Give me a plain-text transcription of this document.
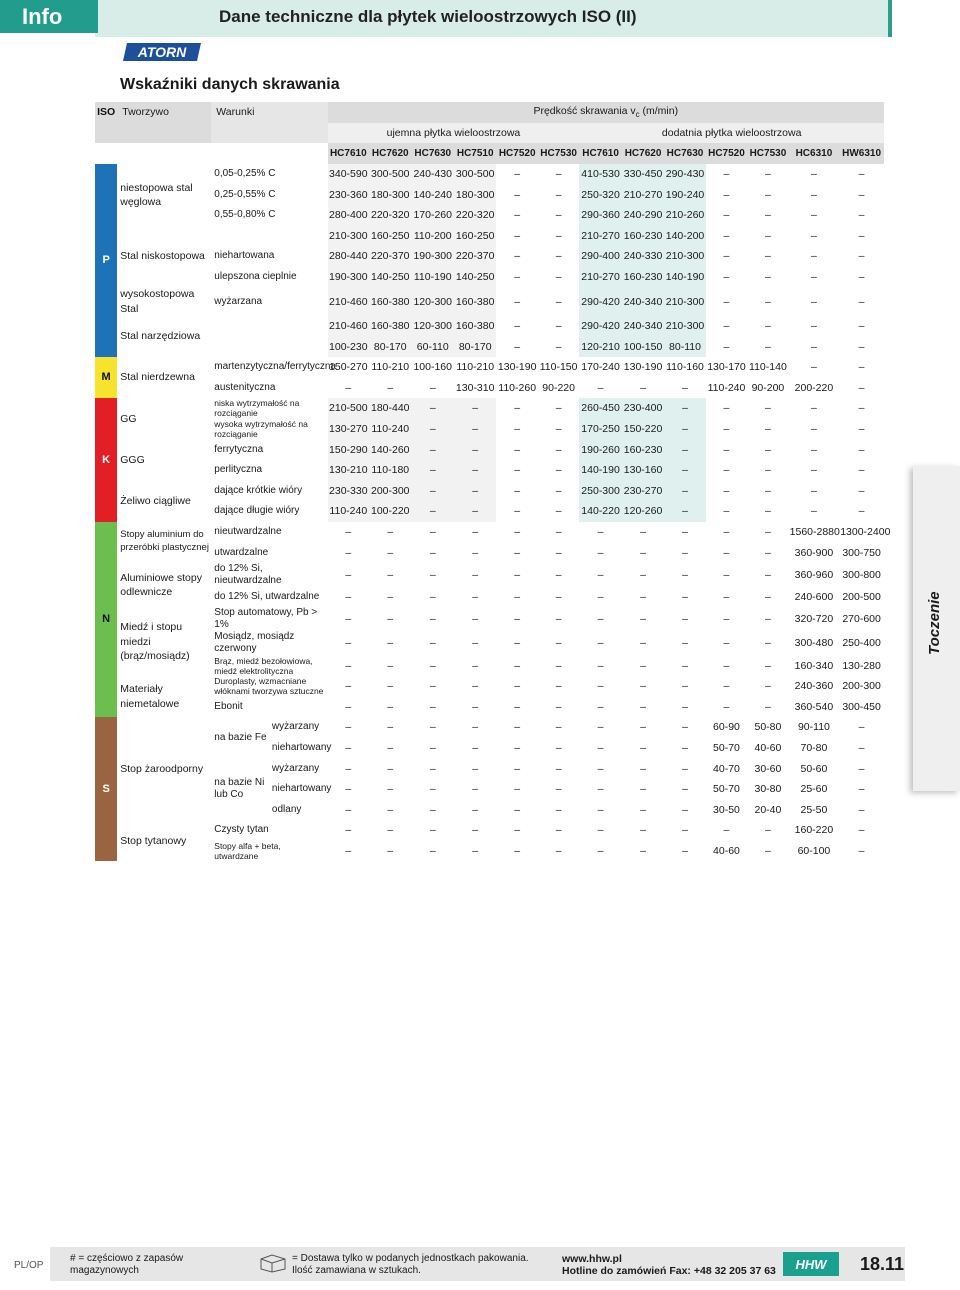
Dane techniczne dla płytek wieloostrzowych ISO (II)
Info
ATORN
Wskaźniki danych skrawania
Toczenie
ISO	Tworzywo	Warunki		Prędkość skrawania $v_c$ (m/min)												
				ujemna płytka wieloostrzowa						dodatnia płytka wieloostrzowa						
				HC7610	HC7620	HC7630	HC7510	HC7520	HC7530	HC7610	HC7620	HC7630	HC7520	HC7530	HC6310	HW6310
P	niestopowa stal węglowa	0,05-0,25% C		340-590	300-500	240-430	300-500	–	–	410-530	330-450	290-430	–	–	–	–
		0,25-0,55% C		230-360	180-300	140-240	180-300	–	–	250-320	210-270	190-240	–	–	–	–
		0,55-0,80% C		280-400	220-320	170-260	220-320	–	–	290-360	240-290	210-260	–	–	–	–
	Stal niskostopowa			210-300	160-250	110-200	160-250	–	–	210-270	160-230	140-200	–	–	–	–
		niehartowana		280-440	220-370	190-300	220-370	–	–	290-400	240-330	210-300	–	–	–	–
		ulepszona cieplnie		190-300	140-250	110-190	140-250	–	–	210-270	160-230	140-190	–	–	–	–
	wysokostopowa Stal	wyżarzana		210-460	160-380	120-300	160-380	–	–	290-420	240-340	210-300	–	–	–	–
	Stal narzędziowa			210-460	160-380	120-300	160-380	–	–	290-420	240-340	210-300	–	–	–	–
				100-230	80-170	60-110	80-170	–	–	120-210	100-150	80-110	–	–	–	–
M	Stal nierdzewna	martenzytyczna/ferrytyczna		150-270	110-210	100-160	110-210	130-190	110-150	170-240	130-190	110-160	130-170	110-140	–	–
		austenityczna		–	–	–	130-310	110-260	90-220	–	–	–	110-240	90-200	200-220	–
K	GG	niska wytrzymałość na rozciąganie		210-500	180-440	–	–	–	–	260-450	230-400	–	–	–	–	–
		wysoka wytrzymałość na rozciąganie		130-270	110-240	–	–	–	–	170-250	150-220	–	–	–	–	–
	GGG	ferrytyczna		150-290	140-260	–	–	–	–	190-260	160-230	–	–	–	–	–
		perlityczna		130-210	110-180	–	–	–	–	140-190	130-160	–	–	–	–	–
	Żeliwo ciągliwe	dające krótkie wióry		230-330	200-300	–	–	–	–	250-300	230-270	–	–	–	–	–
		dające długie wióry		110-240	100-220	–	–	–	–	140-220	120-260	–	–	–	–	–
N	Stopy aluminium do przeróbki plastycznej	nieutwardzalne		–	–	–	–	–	–	–	–	–	–	–	1560-2880	1300-2400
		utwardzalne		–	–	–	–	–	–	–	–	–	–	–	360-900	300-750
	Aluminiowe stopy odlewnicze	do 12% Si, nieutwardzalne		–	–	–	–	–	–	–	–	–	–	–	360-960	300-800
		do 12% Si, utwardzalne		–	–	–	–	–	–	–	–	–	–	–	240-600	200-500
	Miedź i stopu miedzi (brąz/mosiądz)	Stop automatowy, Pb > 1%		–	–	–	–	–	–	–	–	–	–	–	320-720	270-600
		Mosiądz, mosiądz czerwony		–	–	–	–	–	–	–	–	–	–	–	300-480	250-400
		Brąz, miedź bezołowiowa, miedź elektrolityczna		–	–	–	–	–	–	–	–	–	–	–	160-340	130-280
	Materiały niemetalowe	Duroplasty, wzmacniane włóknami tworzywa sztuczne		–	–	–	–	–	–	–	–	–	–	–	240-360	200-300
		Ebonit		–	–	–	–	–	–	–	–	–	–	–	360-540	300-450
S	Stop żaroodporny	na bazie Fe	wyżarzany	–	–	–	–	–	–	–	–	–	60-90	50-80	90-110	–
			niehartowany	–	–	–	–	–	–	–	–	–	50-70	40-60	70-80	–
		na bazie Ni lub Co	wyżarzany	–	–	–	–	–	–	–	–	–	40-70	30-60	50-60	–
			niehartowany	–	–	–	–	–	–	–	–	–	50-70	30-80	25-60	–
			odlany	–	–	–	–	–	–	–	–	–	30-50	20-40	25-50	–
	Stop tytanowy	Czysty tytan		–	–	–	–	–	–	–	–	–	–	–	160-220	–
		Stopy alfa + beta, utwardzane		–	–	–	–	–	–	–	–	–	40-60	–	60-100	–
PL/OP
# = częściowo z zapasów magazynowych
= Dostawa tylko w podanych jednostkach pakowania. Ilość zamawiana w sztukach.
www.hhw.pl
Hotline do zamówień Fax: +48 32 205 37 63	HHW	18.11
